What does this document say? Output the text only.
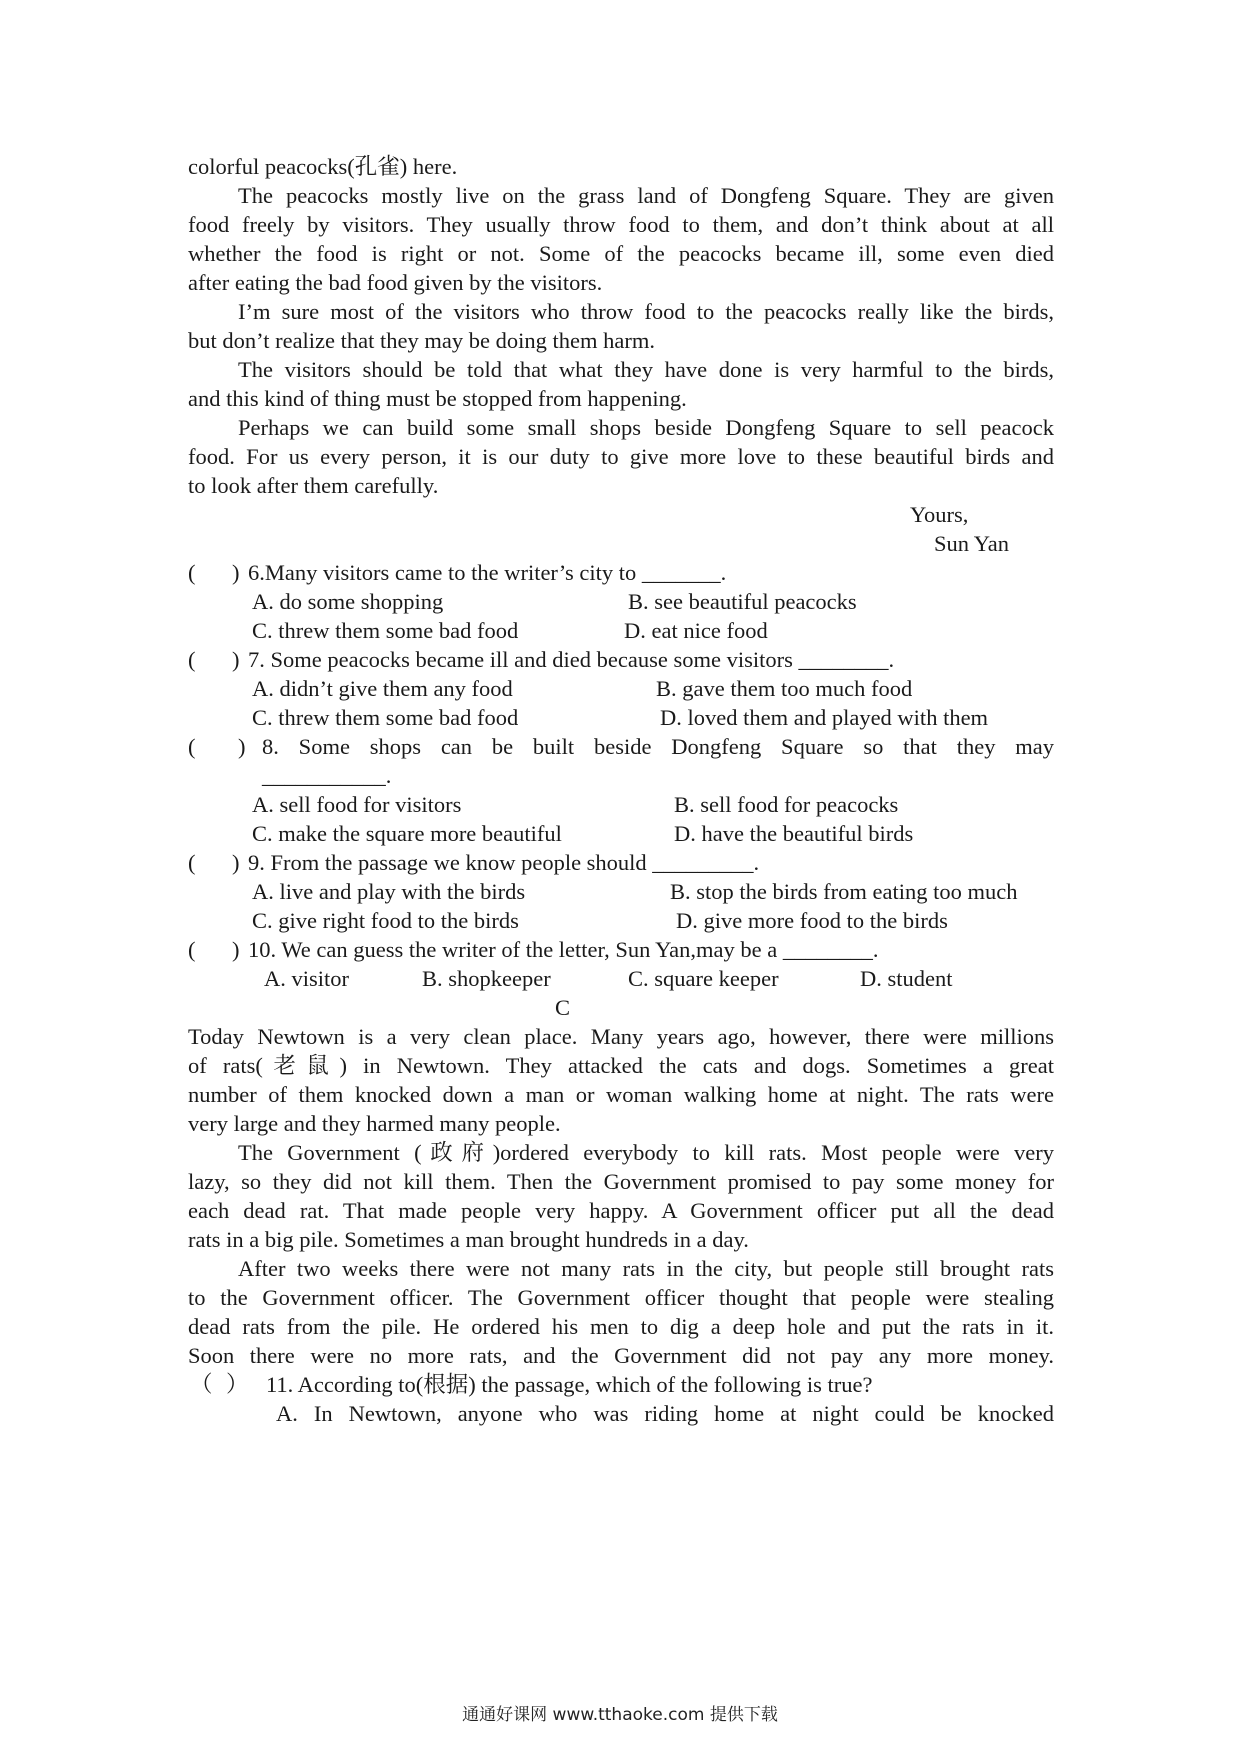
colorful peacocks(孔雀) here.
The peacocks mostly live on the grass land of Dongfeng Square. They are given
food freely by visitors. They usually throw food to them, and don’t think about at all
whether the food is right or not. Some of the peacocks became ill, some even died
after eating the bad food given by the visitors.
I’m sure most of the visitors who throw food to the peacocks really like the birds,
but don’t realize that they may be doing them harm.
The visitors should be told that what they have done is very harmful to the birds,
and this kind of thing must be stopped from happening.
Perhaps we can build some small shops beside Dongfeng Square to sell peacock
food. For us every person, it is our duty to give more love to these beautiful birds and
to look after them carefully.
Yours,
Sun Yan
( ) 6.Many visitors came to the writer’s city to _______.
A. do some shopping	B. see beautiful peacocks
C. threw them some bad food	D. eat nice food
( ) 7. Some peacocks became ill and died because some visitors ________.
A. didn’t give them any food	B. gave them too much food
C. threw them some bad food	D. loved them and played with them
( ) 8. Some shops can be built beside Dongfeng Square so that they may
___________.
A. sell food for visitors	B. sell food for peacocks
C. make the square more beautiful	D. have the beautiful birds
( ) 9. From the passage we know people should _________.
A. live and play with the birds	B. stop the birds from eating too much
C. give right food to the birds	D. give more food to the birds
( ) 10. We can guess the writer of the letter, Sun Yan,may be a ________.
A. visitor	B. shopkeeper	C. square keeper	D. student
C
Today Newtown is a very clean place. Many years ago, however, there were millions
of rats(老鼠) in Newtown. They attacked the cats and dogs. Sometimes a great
number of them knocked down a man or woman walking home at night. The rats were
very large and they harmed many people.
The Government (政府)ordered everybody to kill rats. Most people were very
lazy, so they did not kill them. Then the Government promised to pay some money for
each dead rat. That made people very happy. A Government officer put all the dead
rats in a big pile. Sometimes a man brought hundreds in a day.
After two weeks there were not many rats in the city, but people still brought rats
to the Government officer. The Government officer thought that people were stealing
dead rats from the pile. He ordered his men to dig a deep hole and put the rats in it.
Soon there were no more rats, and the Government did not pay any more money.
（ ） 11. According to(根据) the passage, which of the following is true?
A. In Newtown, anyone who was riding home at night could be knocked
通通好课网 www.tthaoke.com 提供下载
